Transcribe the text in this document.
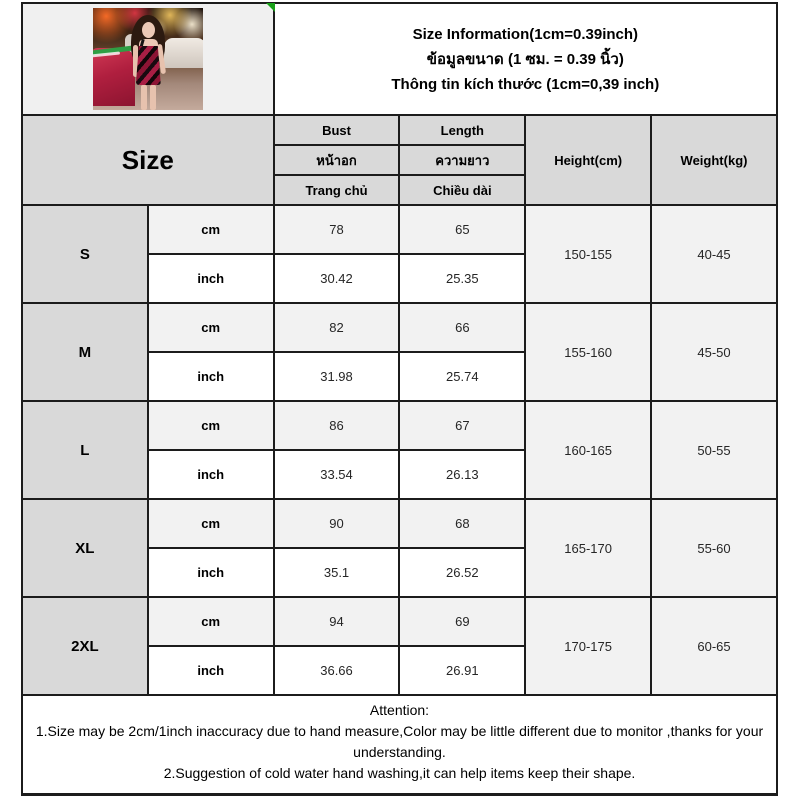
		Size Information(1cm=0.39inch)
ข้อมูลขนาด (1 ซม. = 0.39 นิ้ว)
Thông tin kích thước (1cm=0,39 inch)			

Size		Bust	Length	Height(cm)	Weight(kg)
		หน้าอก	ความยาว		
		Trang chủ	Chiều dài		
S	cm	78	65	150-155	40-45
	inch	30.42	25.35		
M	cm	82	66	155-160	45-50
	inch	31.98	25.74		
L	cm	86	67	160-165	50-55
	inch	33.54	26.13		
XL	cm	90	68	165-170	55-60
	inch	35.1	26.52		
2XL	cm	94	69	170-175	60-65
	inch	36.66	26.91		

Attention:
1.Size may be 2cm/1inch inaccuracy due to hand measure,Color may be little different due to monitor ,thanks for your understanding.
2.Suggestion of cold water hand washing,it can help items keep their shape.					
